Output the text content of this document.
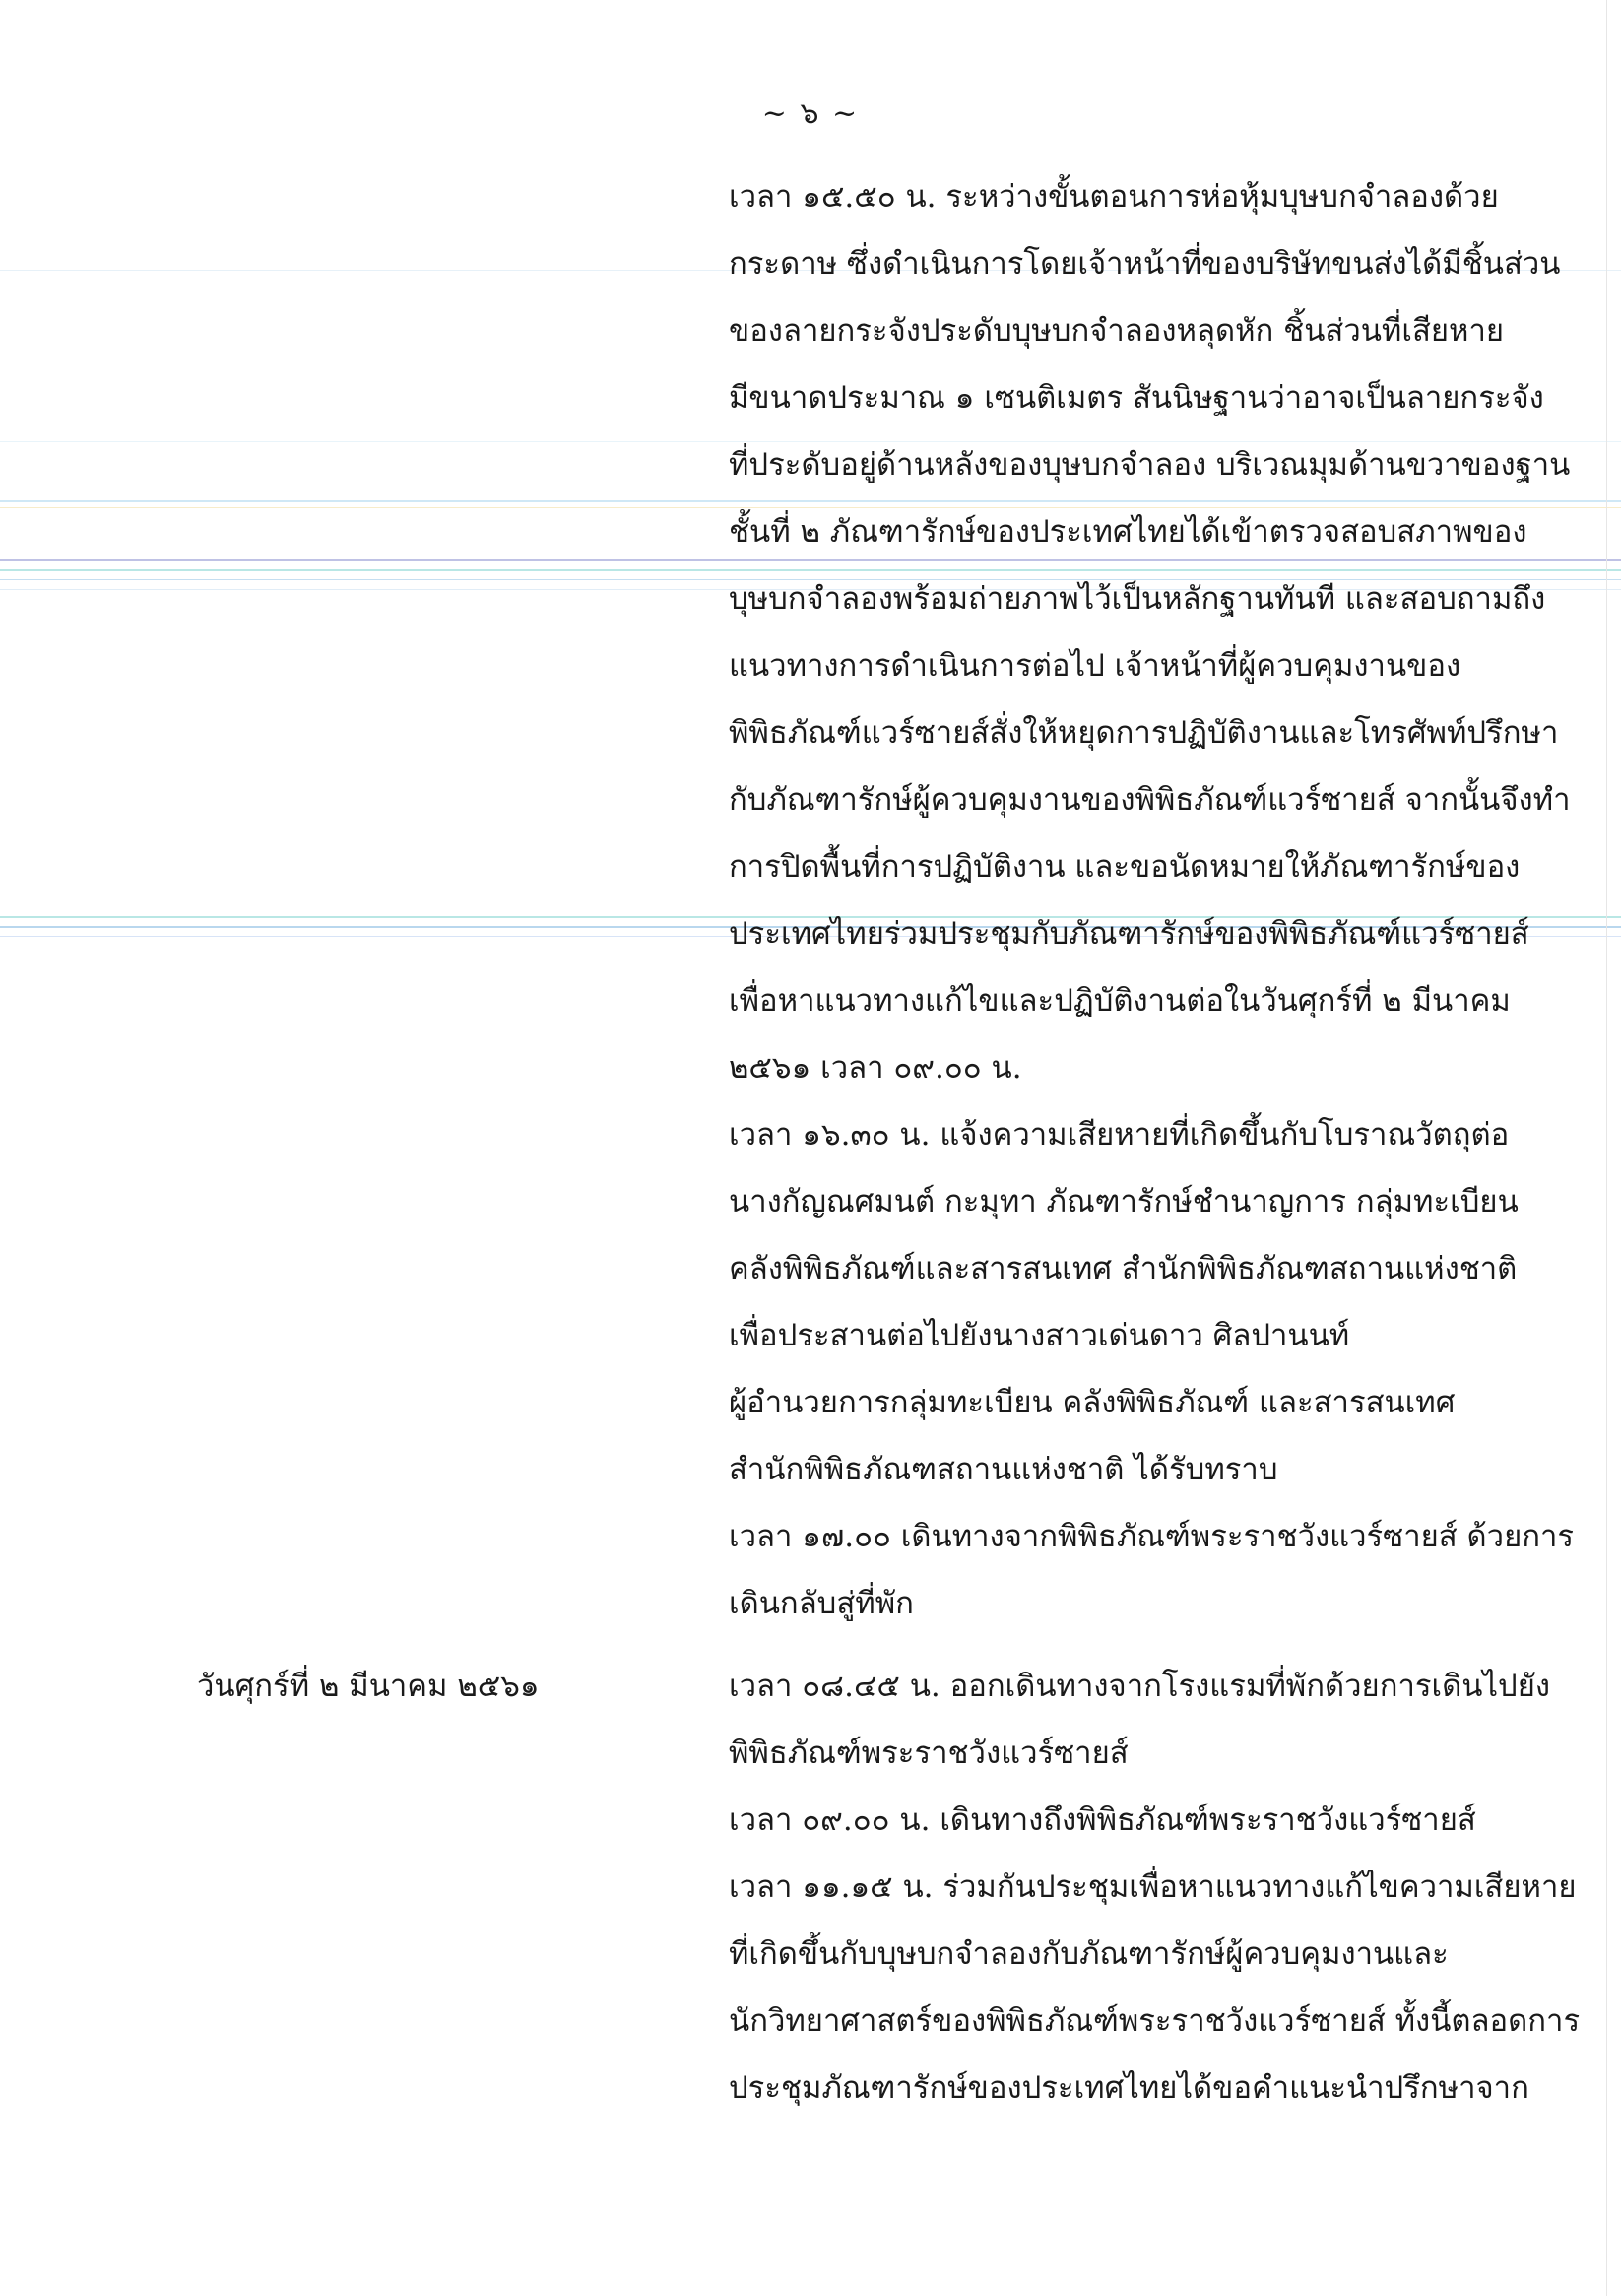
~ ๖ ~
เวลา ๑๕.๕๐ น. ระหว่างขั้นตอนการห่อหุ้มบุษบกจำลองด้วย
กระดาษ ซึ่งดำเนินการโดยเจ้าหน้าที่ของบริษัทขนส่งได้มีชิ้นส่วน
ของลายกระจังประดับบุษบกจำลองหลุดหัก ชิ้นส่วนที่เสียหาย
มีขนาดประมาณ ๑ เซนติเมตร สันนิษฐานว่าอาจเป็นลายกระจัง
ที่ประดับอยู่ด้านหลังของบุษบกจำลอง บริเวณมุมด้านขวาของฐาน
ชั้นที่ ๒ ภัณฑารักษ์ของประเทศไทยได้เข้าตรวจสอบสภาพของ
บุษบกจำลองพร้อมถ่ายภาพไว้เป็นหลักฐานทันที และสอบถามถึง
แนวทางการดำเนินการต่อไป เจ้าหน้าที่ผู้ควบคุมงานของ
พิพิธภัณฑ์แวร์ซายส์สั่งให้หยุดการปฏิบัติงานและโทรศัพท์ปรึกษา
กับภัณฑารักษ์ผู้ควบคุมงานของพิพิธภัณฑ์แวร์ซายส์ จากนั้นจึงทำ
การปิดพื้นที่การปฏิบัติงาน และขอนัดหมายให้ภัณฑารักษ์ของ
ประเทศไทยร่วมประชุมกับภัณฑารักษ์ของพิพิธภัณฑ์แวร์ซายส์
เพื่อหาแนวทางแก้ไขและปฏิบัติงานต่อในวันศุกร์ที่ ๒ มีนาคม
๒๕๖๑ เวลา ๐๙.๐๐ น.
เวลา ๑๖.๓๐ น. แจ้งความเสียหายที่เกิดขึ้นกับโบราณวัตถุต่อ
นางกัญณศมนต์ กะมุทา ภัณฑารักษ์ชำนาญการ กลุ่มทะเบียน
คลังพิพิธภัณฑ์และสารสนเทศ สำนักพิพิธภัณฑสถานแห่งชาติ
เพื่อประสานต่อไปยังนางสาวเด่นดาว ศิลปานนท์
ผู้อำนวยการกลุ่มทะเบียน คลังพิพิธภัณฑ์ และสารสนเทศ
สำนักพิพิธภัณฑสถานแห่งชาติ ได้รับทราบ
เวลา ๑๗.๐๐ เดินทางจากพิพิธภัณฑ์พระราชวังแวร์ซายส์ ด้วยการ
เดินกลับสู่ที่พัก
วันศุกร์ที่ ๒ มีนาคม ๒๕๖๑	เวลา ๐๘.๔๕ น. ออกเดินทางจากโรงแรมที่พักด้วยการเดินไปยัง
พิพิธภัณฑ์พระราชวังแวร์ซายส์
เวลา ๐๙.๐๐ น. เดินทางถึงพิพิธภัณฑ์พระราชวังแวร์ซายส์
เวลา ๑๑.๑๕ น. ร่วมกันประชุมเพื่อหาแนวทางแก้ไขความเสียหาย
ที่เกิดขึ้นกับบุษบกจำลองกับภัณฑารักษ์ผู้ควบคุมงานและ
นักวิทยาศาสตร์ของพิพิธภัณฑ์พระราชวังแวร์ซายส์ ทั้งนี้ตลอดการ
ประชุมภัณฑารักษ์ของประเทศไทยได้ขอคำแนะนำปรึกษาจาก
